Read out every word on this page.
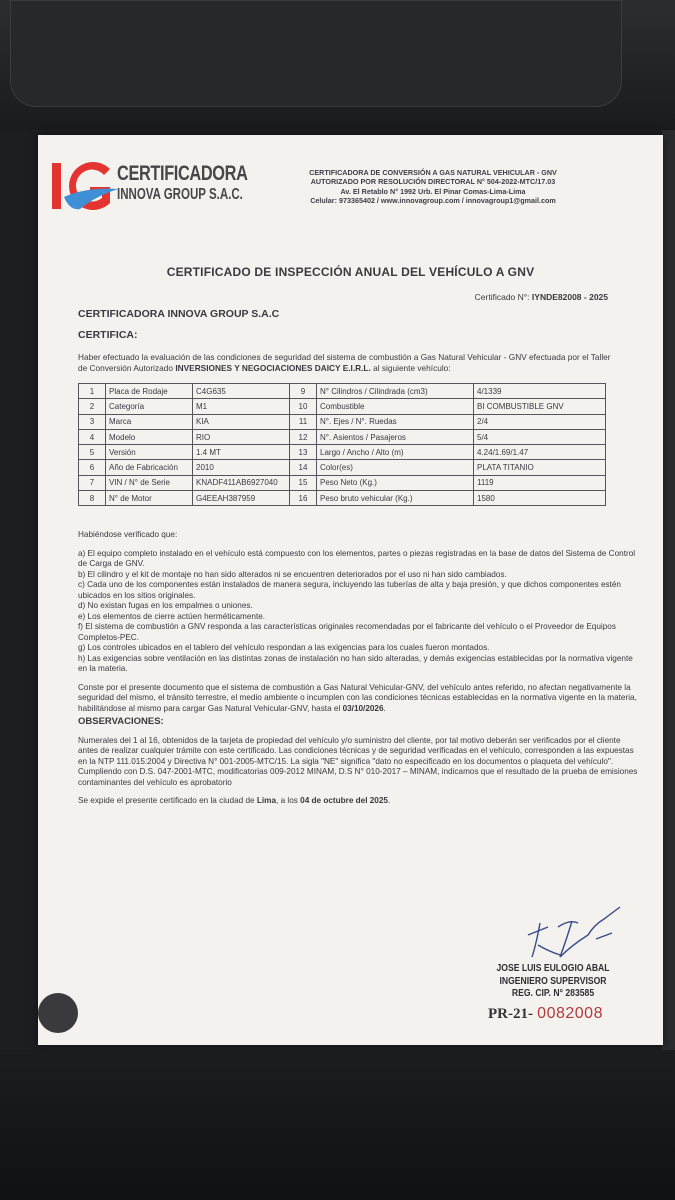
CERTIFICADORA
INNOVA GROUP S.A.C.
CERTIFICADORA DE CONVERSIÓN A GAS NATURAL VEHICULAR - GNV
AUTORIZADO POR RESOLUCIÓN DIRECTORAL N° 504-2022-MTC/17.03
Av. El Retablo N° 1992 Urb. El Pinar Comas-Lima-Lima
Celular: 973365402 / www.innovagroup.com / innovagroup1@gmail.com
CERTIFICADO DE INSPECCIÓN ANUAL DEL VEHÍCULO A GNV
Certificado N°: IYNDE82008 - 2025
CERTIFICADORA INNOVA GROUP S.A.C
CERTIFICA:
Haber efectuado la evaluación de las condiciones de seguridad del sistema de combustión a Gas Natural Vehicular - GNV efectuada por el Taller de Conversión Autorizado INVERSIONES Y NEGOCIACIONES DAICY E.I.R.L. al siguiente vehículo:
1	Placa de Rodaje	C4G635	9	N° Cilindros / Cilindrada (cm3)	4/1339
2	Categoría	M1	10	Combustible	BI COMBUSTIBLE GNV
3	Marca	KIA	11	N°. Ejes / N°. Ruedas	2/4
4	Modelo	RIO	12	N°. Asientos / Pasajeros	5/4
5	Versión	1.4 MT	13	Largo / Ancho / Alto (m)	4.24/1.69/1.47
6	Año de Fabricación	2010	14	Color(es)	PLATA TITANIO
7	VIN / N° de Serie	KNADF411AB6927040	15	Peso Neto (Kg.)	1119
8	N° de Motor	G4EEAH387959	16	Peso bruto vehicular (Kg.)	1580

Habiéndose verificado que:

a) El equipo completo instalado en el vehículo está compuesto con los elementos, partes o piezas registradas en la base de datos del Sistema de Control de Carga de GNV.

b) El cilindro y el kit de montaje no han sido alterados ni se encuentren deteriorados por el uso ni han sido cambiados.

c) Cada uno de los componentes están instalados de manera segura, incluyendo las tuberías de alta y baja presión, y que dichos componentes estén ubicados en los sitios originales.

d) No existan fugas en los empalmes o uniones.

e) Los elementos de cierre actúen herméticamente.

f) El sistema de combustión a GNV responda a las características originales recomendadas por el fabricante del vehículo o el Proveedor de Equipos Completos-PEC.

g) Los controles ubicados en el tablero del vehículo respondan a las exigencias para los cuales fueron montados.

h) Las exigencias sobre ventilación en las distintas zonas de instalación no han sido alteradas, y demás exigencias establecidas por la normativa vigente en la materia.

Conste por el presente documento que el sistema de combustión a Gas Natural Vehicular-GNV, del vehículo antes referido, no afectan negativamente la seguridad del mismo, el tránsito terrestre, el medio ambiente o incumplen con las condiciones técnicas establecidas en la normativa vigente en la materia, habilitándose al mismo para cargar Gas Natural Vehicular-GNV, hasta el 03/10/2026.

OBSERVACIONES:

Numerales del 1 al 16, obtenidos de la tarjeta de propiedad del vehículo y/o suministro del cliente, por tal motivo deberán ser verificados por el cliente antes de realizar cualquier trámite con este certificado. Las condiciones técnicas y de seguridad verificadas en el vehículo, corresponden a las expuestas en la NTP 111.015:2004 y Directiva N° 001-2005-MTC/15. La sigla "NE" significa "dato no especificado en los documentos o plaqueta del vehículo".

Cumpliendo con D.S. 047-2001-MTC, modificatorias 009-2012 MINAM, D.S N° 010-2017 – MINAM, indicamos que el resultado de la prueba de emisiones contaminantes del vehículo es aprobatorio

Se expide el presente certificado en la ciudad de Lima, a los 04 de octubre del 2025.

JOSE LUIS EULOGIO ABAL
INGENIERO SUPERVISOR
REG. CIP. N° 283585
PR-21- 0082008
